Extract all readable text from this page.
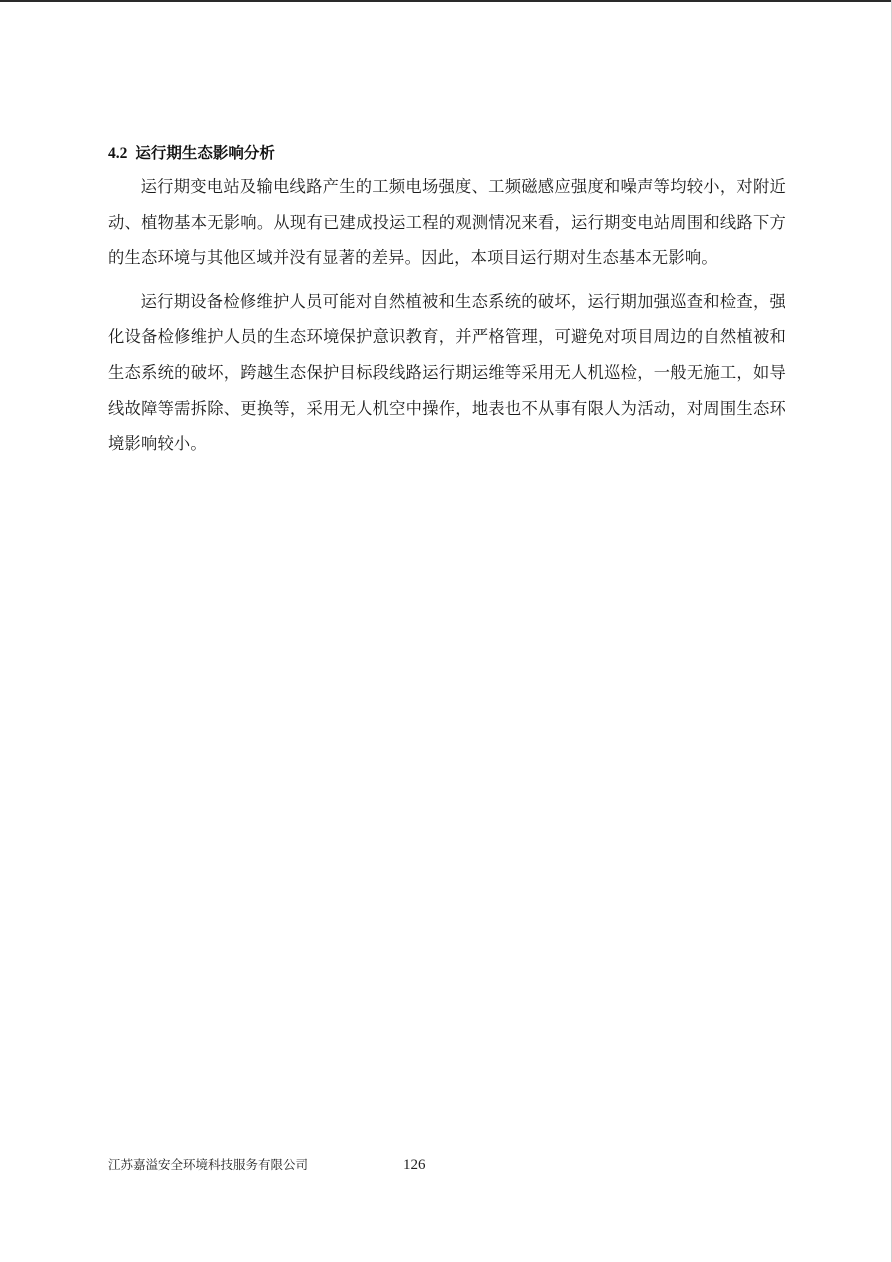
4.2 运行期生态影响分析

运行期变电站及输电线路产生的工频电场强度、工频磁感应强度和噪声等均较小，对附近动、植物基本无影响。从现有已建成投运工程的观测情况来看，运行期变电站周围和线路下方的生态环境与其他区域并没有显著的差异。因此，本项目运行期对生态基本无影响。

运行期设备检修维护人员可能对自然植被和生态系统的破坏，运行期加强巡查和检查，强化设备检修维护人员的生态环境保护意识教育，并严格管理，可避免对项目周边的自然植被和生态系统的破坏，跨越生态保护目标段线路运行期运维等采用无人机巡检，一般无施工，如导线故障等需拆除、更换等，采用无人机空中操作，地表也不从事有限人为活动，对周围生态环境影响较小。

江苏嘉溢安全环境科技服务有限公司	126
